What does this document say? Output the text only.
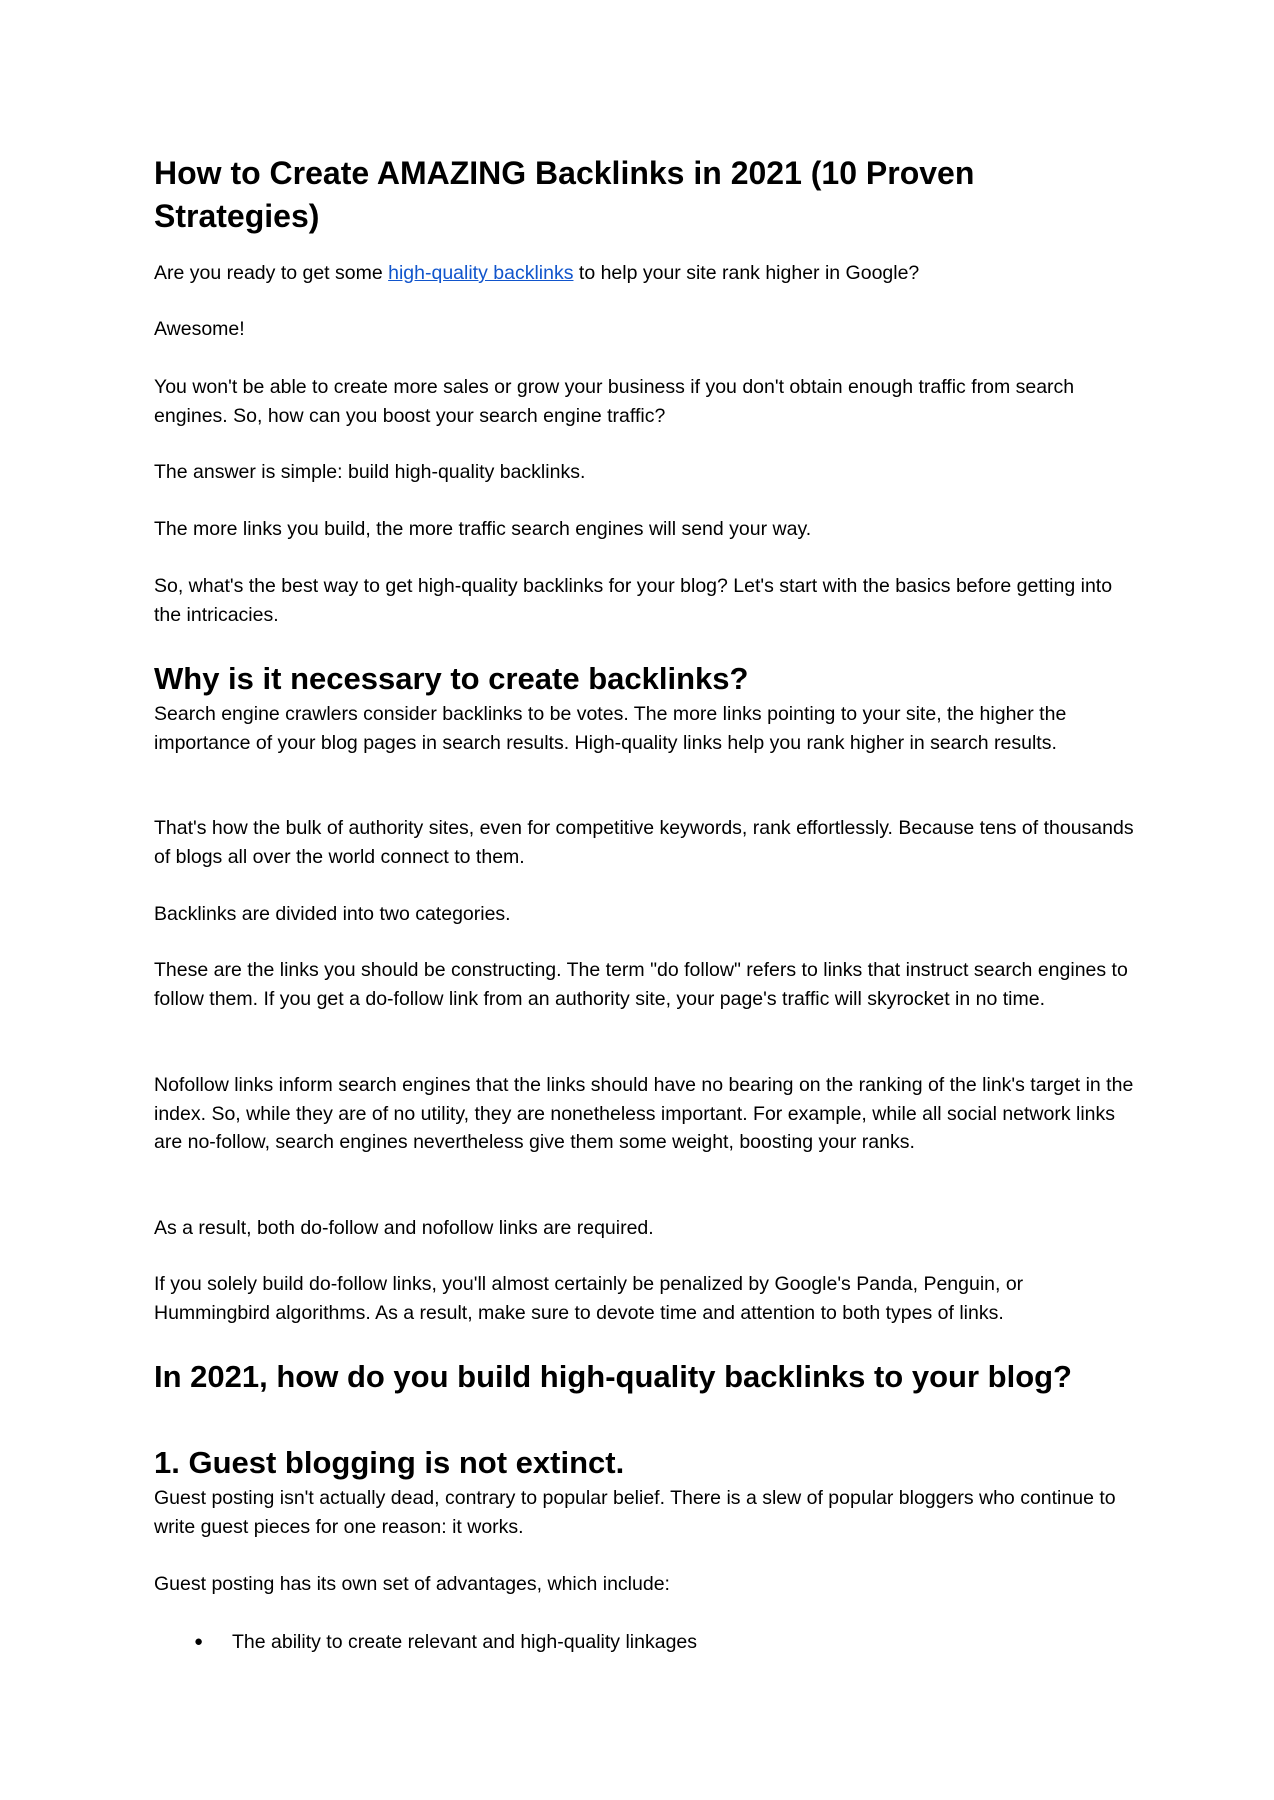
How to Create AMAZING Backlinks in 2021 (10 Proven Strategies)

Are you ready to get some high-quality backlinks to help your site rank higher in Google?

Awesome!

You won't be able to create more sales or grow your business if you don't obtain enough traffic from search engines. So, how can you boost your search engine traffic?

The answer is simple: build high-quality backlinks.

The more links you build, the more traffic search engines will send your way.

So, what's the best way to get high-quality backlinks for your blog? Let's start with the basics before getting into the intricacies.

Why is it necessary to create backlinks?

Search engine crawlers consider backlinks to be votes. The more links pointing to your site, the higher the importance of your blog pages in search results. High-quality links help you rank higher in search results.

That's how the bulk of authority sites, even for competitive keywords, rank effortlessly. Because tens of thousands of blogs all over the world connect to them.

Backlinks are divided into two categories.

These are the links you should be constructing. The term "do follow" refers to links that instruct search engines to follow them. If you get a do-follow link from an authority site, your page's traffic will skyrocket in no time.

Nofollow links inform search engines that the links should have no bearing on the ranking of the link's target in the index. So, while they are of no utility, they are nonetheless important. For example, while all social network links are no-follow, search engines nevertheless give them some weight, boosting your ranks.

As a result, both do-follow and nofollow links are required.

If you solely build do-follow links, you'll almost certainly be penalized by Google's Panda, Penguin, or Hummingbird algorithms. As a result, make sure to devote time and attention to both types of links.

In 2021, how do you build high-quality backlinks to your blog?
1. Guest blogging is not extinct.

Guest posting isn't actually dead, contrary to popular belief. There is a slew of popular bloggers who continue to write guest pieces for one reason: it works.

Guest posting has its own set of advantages, which include:

● The ability to create relevant and high-quality linkages
